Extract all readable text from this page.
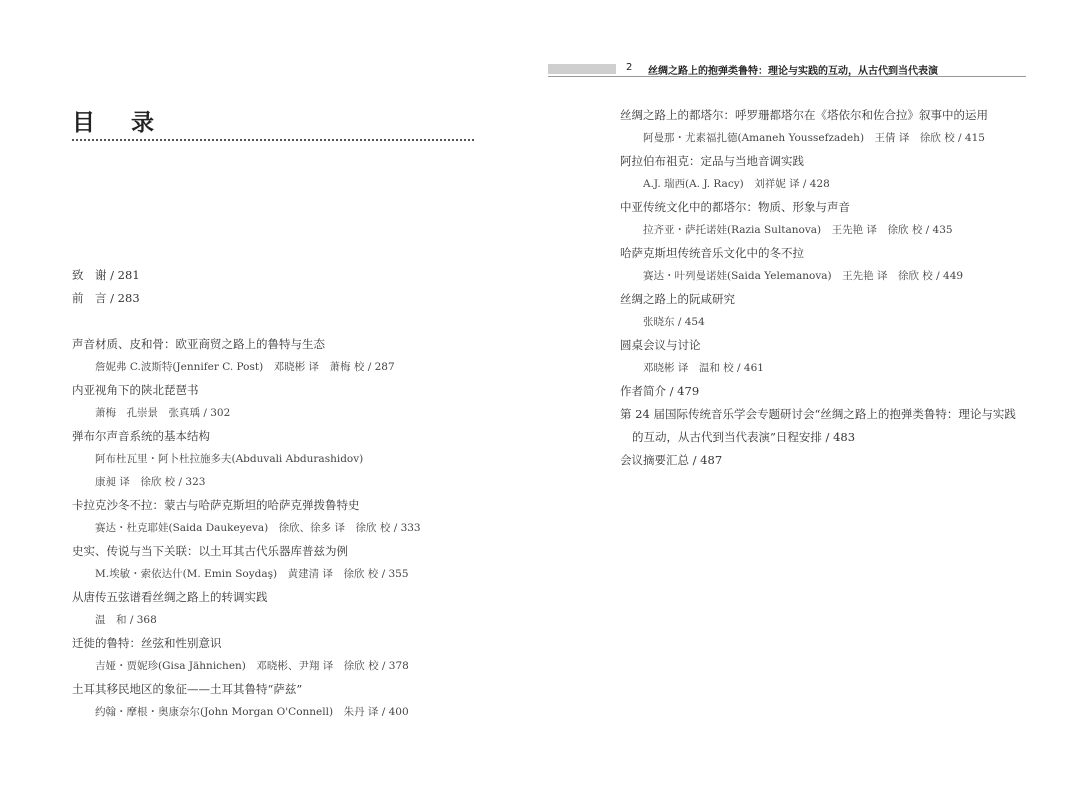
目 录
致　谢 / 281
前　言 / 283
声音材质、皮和骨：欧亚商贸之路上的鲁特与生态
詹妮弗 C.波斯特(Jennifer C. Post)　邓晓彬 译　萧梅 校 / 287
内亚视角下的陕北琵琶书
萧梅　孔崇景　张真瑀 / 302
弹布尔声音系统的基本结构
阿布杜瓦里・阿卜杜拉施多夫(Abduvali Abdurashidov)
康昶 译　徐欣 校 / 323
卡拉克沙冬不拉：蒙古与哈萨克斯坦的哈萨克弹拨鲁特史
赛达・杜克耶娃(Saida Daukeyeva)　徐欣、徐多 译　徐欣 校 / 333
史实、传说与当下关联：以土耳其古代乐器库普兹为例
M.埃敏・索依达什(M. Emin Soydaş)　黄建清 译　徐欣 校 / 355
从唐传五弦谱看丝绸之路上的转调实践
温　和 / 368
迁徙的鲁特：丝弦和性别意识
吉娅・贾妮珍(Gisa Jähnichen)　邓晓彬、尹翔 译　徐欣 校 / 378
土耳其移民地区的象征——土耳其鲁特“萨兹”
约翰・摩根・奥康奈尔(John Morgan O'Connell)　朱丹 译 / 400
2 丝绸之路上的抱弹类鲁特：理论与实践的互动，从古代到当代表演
丝绸之路上的都塔尔：呼罗珊都塔尔在《塔依尔和佐合拉》叙事中的运用
阿曼那・尤素福扎德(Amaneh Youssefzadeh)　王倩 译　徐欣 校 / 415
阿拉伯布祖克：定品与当地音调实践
A.J. 瑞西(A. J. Racy)　刘祥妮 译 / 428
中亚传统文化中的都塔尔：物质、形象与声音
拉齐亚・萨托诺娃(Razia Sultanova)　王先艳 译　徐欣 校 / 435
哈萨克斯坦传统音乐文化中的冬不拉
赛达・叶列曼诺娃(Saida Yelemanova)　王先艳 译　徐欣 校 / 449
丝绸之路上的阮咸研究
张晓东 / 454
圆桌会议与讨论
邓晓彬 译　温和 校 / 461
作者简介 / 479
第 24 届国际传统音乐学会专题研讨会“丝绸之路上的抱弹类鲁特：理论与实践
的互动，从古代到当代表演”日程安排 / 483
会议摘要汇总 / 487
